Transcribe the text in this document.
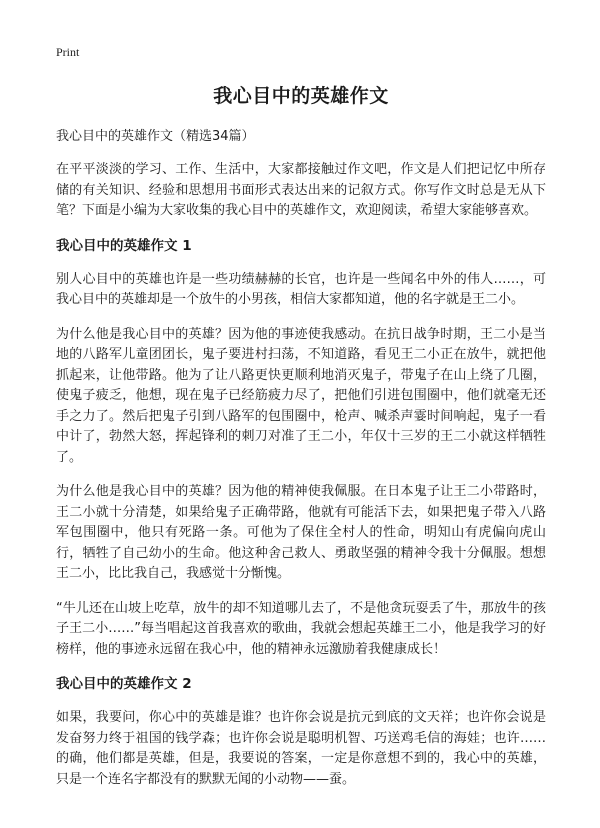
Print
我心目中的英雄作文
我心目中的英雄作文（精选34篇）

在平平淡淡的学习、工作、生活中，大家都接触过作文吧，作文是人们把记忆中所存储的有关知识、经验和思想用书面形式表达出来的记叙方式。你写作文时总是无从下笔？下面是小编为大家收集的我心目中的英雄作文，欢迎阅读，希望大家能够喜欢。

我心目中的英雄作文 1

别人心目中的英雄也许是一些功绩赫赫的长官，也许是一些闻名中外的伟人……，可我心目中的英雄却是一个放牛的小男孩，相信大家都知道，他的名字就是王二小。

为什么他是我心目中的英雄？因为他的事迹使我感动。在抗日战争时期，王二小是当地的八路军儿童团团长，鬼子要进村扫荡，不知道路，看见王二小正在放牛，就把他抓起来，让他带路。他为了让八路更快更顺利地消灭鬼子，带鬼子在山上绕了几圈，使鬼子疲乏，他想，现在鬼子已经筋疲力尽了，把他们引进包围圈中，他们就毫无还手之力了。然后把鬼子引到八路军的包围圈中，枪声、喊杀声霎时间响起，鬼子一看中计了，勃然大怒，挥起锋利的刺刀对准了王二小，年仅十三岁的王二小就这样牺牲了。

为什么他是我心目中的英雄？因为他的精神使我佩服。在日本鬼子让王二小带路时，王二小就十分清楚，如果给鬼子正确带路，他就有可能活下去，如果把鬼子带入八路军包围圈中，他只有死路一条。可他为了保住全村人的性命，明知山有虎偏向虎山行，牺牲了自己幼小的生命。他这种舍己救人、勇敢坚强的精神令我十分佩服。想想王二小，比比我自己，我感觉十分惭愧。

“牛儿还在山坡上吃草，放牛的却不知道哪儿去了，不是他贪玩耍丢了牛，那放牛的孩子王二小……”每当唱起这首我喜欢的歌曲，我就会想起英雄王二小，他是我学习的好榜样，他的事迹永远留在我心中，他的精神永远激励着我健康成长！

我心目中的英雄作文 2

如果，我要问，你心中的英雄是谁？也许你会说是抗元到底的文天祥；也许你会说是发奋努力终于祖国的钱学森；也许你会说是聪明机智、巧送鸡毛信的海娃；也许……的确，他们都是英雄，但是，我要说的答案，一定是你意想不到的，我心中的英雄，只是一个连名字都没有的默默无闻的小动物——蚕。
